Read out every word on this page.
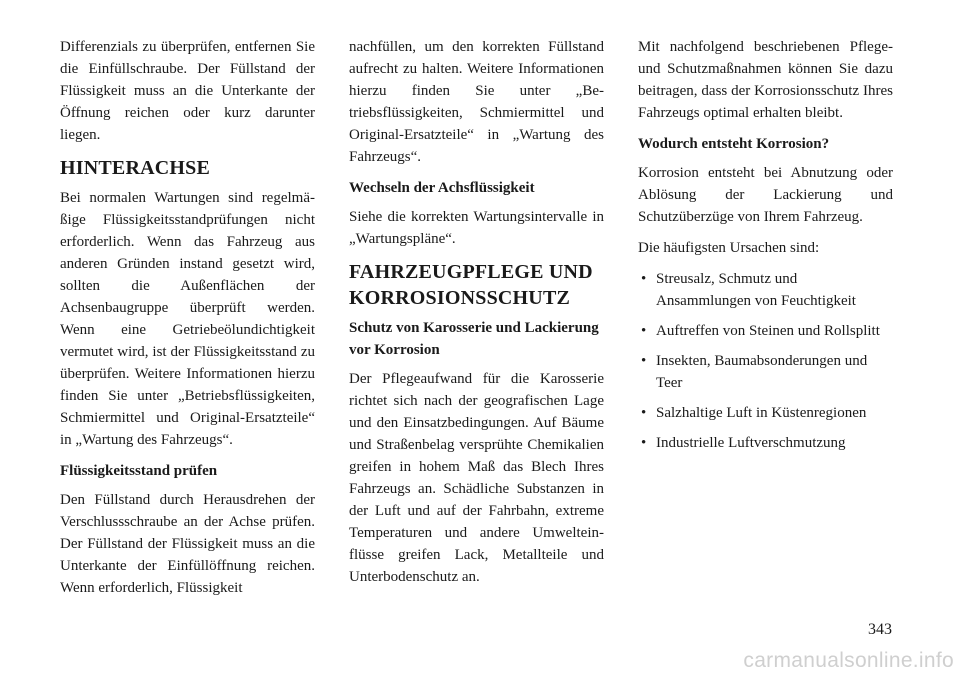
Differenzials zu überprüfen, entfernen Sie die Einfüllschraube. Der Füllstand der Flüssigkeit muss an die Unterkante der Öffnung reichen oder kurz darunter liegen.

HINTERACHSE

Bei normalen Wartungen sind regelmäßige Flüssigkeitsstandprüfungen nicht erforderlich. Wenn das Fahrzeug aus anderen Gründen instand gesetzt wird, sollten die Außenflächen der Achsenbaugruppe überprüft werden. Wenn eine Getriebeölundichtigkeit vermutet wird, ist der Flüssigkeitsstand zu überprüfen. Weitere Informationen hierzu finden Sie unter „Betriebsflüssigkeiten, Schmiermittel und Original-Ersatzteile“ in „Wartung des Fahrzeugs“.

Flüssigkeitsstand prüfen

Den Füllstand durch Herausdrehen der Verschlussschraube an der Achse prüfen. Der Füllstand der Flüssigkeit muss an die Unterkante der Einfüllöffnung reichen. Wenn erforderlich, Flüssigkeit

nachfüllen, um den korrekten Füllstand aufrecht zu halten. Weitere Informationen hierzu finden Sie unter „Betriebsflüssigkeiten, Schmiermittel und Original-Ersatzteile“ in „Wartung des Fahrzeugs“.

Wechseln der Achsflüssigkeit

Siehe die korrekten Wartungsintervalle in „Wartungspläne“.

FAHRZEUGPFLEGE UND KORROSIONSSCHUTZ
Schutz von Karosserie und Lackierung vor Korrosion

Der Pflegeaufwand für die Karosserie richtet sich nach der geografischen Lage und den Einsatzbedingungen. Auf Bäume und Straßenbelag versprühte Chemikalien greifen in hohem Maß das Blech Ihres Fahrzeugs an. Schädliche Substanzen in der Luft und auf der Fahrbahn, extreme Temperaturen und andere Umwelteinflüsse greifen Lack, Metallteile und Unterbodenschutz an.

Mit nachfolgend beschriebenen Pflege- und Schutzmaßnahmen können Sie dazu beitragen, dass der Korrosionsschutz Ihres Fahrzeugs optimal erhalten bleibt.

Wodurch entsteht Korrosion?

Korrosion entsteht bei Abnutzung oder Ablösung der Lackierung und Schutzüberzüge von Ihrem Fahrzeug.

Die häufigsten Ursachen sind:

• Streusalz, Schmutz und Ansammlungen von Feuchtigkeit
• Auftreffen von Steinen und Rollsplitt
• Insekten, Baumabsonderungen und Teer
• Salzhaltige Luft in Küstenregionen
• Industrielle Luftverschmutzung
343
carmanualsonline.info
